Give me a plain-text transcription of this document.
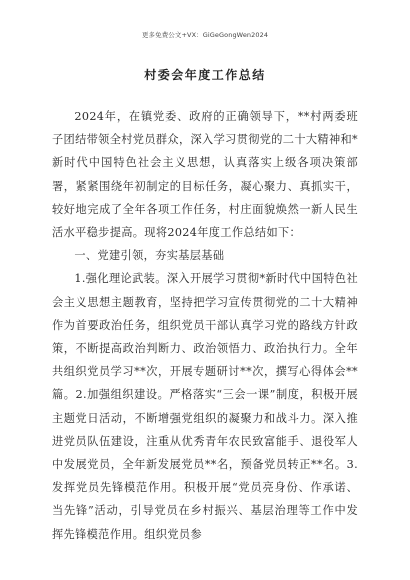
更多免费公文+VX：GiGeGongWen2024
村委会年度工作总结

2024年，在镇党委、政府的正确领导下，**村两委班子团结带领全村党员群众，深入学习贯彻党的二十大精神和*新时代中国特色社会主义思想，认真落实上级各项决策部署，紧紧围绕年初制定的目标任务，凝心聚力、真抓实干，较好地完成了全年各项工作任务，村庄面貌焕然一新人民生活水平稳步提高。现将2024年度工作总结如下：

一、党建引领，夯实基层基础

1.强化理论武装。深入开展学习贯彻*新时代中国特色社会主义思想主题教育，坚持把学习宣传贯彻党的二十大精神作为首要政治任务，组织党员干部认真学习党的路线方针政策，不断提高政治判断力、政治领悟力、政治执行力。全年共组织党员学习**次，开展专题研讨**次，撰写心得体会**篇。2.加强组织建设。严格落实“三会一课”制度，积极开展主题党日活动，不断增强党组织的凝聚力和战斗力。深入推进党员队伍建设，注重从优秀青年农民致富能手、退役军人中发展党员，全年新发展党员**名，预备党员转正**名。3.发挥党员先锋模范作用。积极开展“党员亮身份、作承诺、当先锋”活动，引导党员在乡村振兴、基层治理等工作中发挥先锋模范作用。组织党员参
